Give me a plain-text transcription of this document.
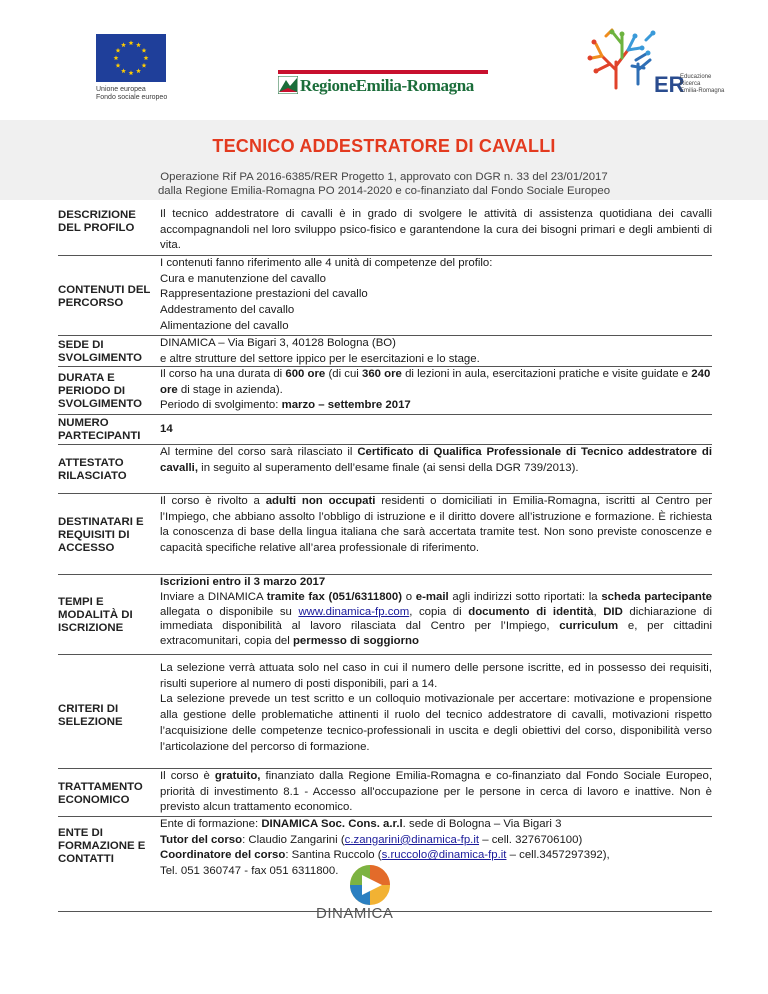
Unione europea
Fondo sociale europeo
RegioneEmilia-Romagna	ER
Educazione
Ricerca
Emilia-Romagna
TECNICO ADDESTRATORE DI CAVALLI
Operazione Rif PA 2016-6385/RER Progetto 1, approvato con DGR n. 33 del 23/01/2017
dalla Regione Emilia-Romagna PO 2014-2020 e co-finanziato dal Fondo Sociale Europeo
DESCRIZIONE DEL PROFILO

Il tecnico addestratore di cavalli è in grado di svolgere le attività di assistenza quotidiana dei cavalli accompagnandoli nel loro sviluppo psico-fisico e garantendone la cura dei bisogni primari e degli ambienti di vita.

CONTENUTI DEL PERCORSO

I contenuti fanno riferimento alle 4 unità di competenze del profilo:

Cura e manutenzione del cavallo

Rappresentazione prestazioni del cavallo

Addestramento del cavallo

Alimentazione del cavallo

SEDE DI SVOLGIMENTO

DINAMICA – Via Bigari 3, 40128 Bologna (BO)

e altre strutture del settore ippico per le esercitazioni e lo stage.

DURATA E PERIODO DI SVOLGIMENTO

Il corso ha una durata di 600 ore (di cui 360 ore di lezioni in aula, esercitazioni pratiche e visite guidate e 240 ore di stage in azienda).

Periodo di svolgimento: marzo – settembre 2017

NUMERO PARTECIPANTI
14
ATTESTATO RILASCIATO

Al termine del corso sarà rilasciato il Certificato di Qualifica Professionale di Tecnico addestratore di cavalli, in seguito al superamento dell’esame finale (ai sensi della DGR 739/2013).

DESTINATARI E REQUISITI DI ACCESSO

Il corso è rivolto a adulti non occupati residenti o domiciliati in Emilia-Romagna, iscritti al Centro per l’Impiego, che abbiano assolto l’obbligo di istruzione e il diritto dovere all’istruzione e formazione. È richiesta la conoscenza di base della lingua italiana che sarà accertata tramite test. Non sono previste conoscenze e capacità specifiche relative all’area professionale di riferimento.

TEMPI E MODALITÀ DI ISCRIZIONE

Iscrizioni entro il 3 marzo 2017

Inviare a DINAMICA tramite fax (051/6311800) o e-mail agli indirizzi sotto riportati: la scheda partecipante allegata o disponibile su www.dinamica-fp.com, copia di documento di identità, DID dichiarazione di immediata disponibilità al lavoro rilasciata dal Centro per l’Impiego, curriculum e, per cittadini extracomunitari, copia del permesso di soggiorno

CRITERI DI SELEZIONE

La selezione verrà attuata solo nel caso in cui il numero delle persone iscritte, ed in possesso dei requisiti, risulti superiore al numero di posti disponibili, pari a 14.

La selezione prevede un test scritto e un colloquio motivazionale per accertare: motivazione e propensione alla gestione delle problematiche attinenti il ruolo del tecnico addestratore di cavalli, motivazioni rispetto l’acquisizione delle competenze tecnico-professionali in uscita e degli obiettivi del corso, disponibilità verso l’articolazione del percorso di formazione.

TRATTAMENTO ECONOMICO

Il corso è gratuito, finanziato dalla Regione Emilia-Romagna e co-finanziato dal Fondo Sociale Europeo, priorità di investimento 8.1 - Accesso all'occupazione per le persone in cerca di lavoro e inattive. Non è previsto alcun trattamento economico.

ENTE DI FORMAZIONE E CONTATTI

Ente di formazione: DINAMICA Soc. Cons. a.r.l. sede di Bologna – Via Bigari 3

Tutor del corso: Claudio Zangarini (c.zangarini@dinamica-fp.it – cell. 3276706100)

Coordinatore del corso: Santina Ruccolo (s.ruccolo@dinamica-fp.it – cell.3457297392),

Tel. 051 360747 - fax 051 6311800.

DINAMICA
